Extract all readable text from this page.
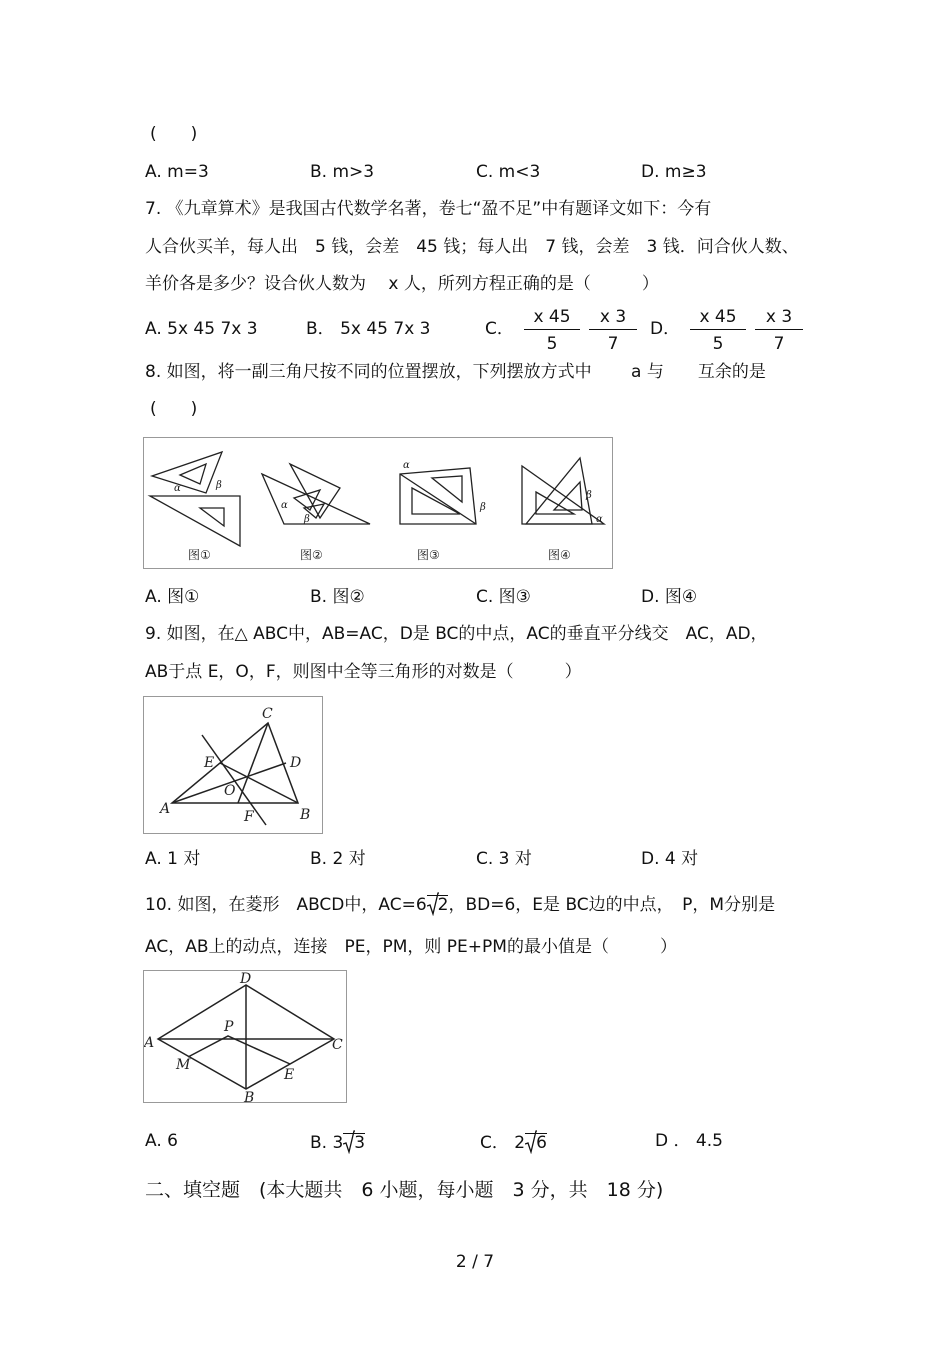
(　　)
A. m=3	B. m>3	C. m<3	D. m≥3
7. 《九章算术》是我国古代数学名著，卷七“盈不足”中有题译文如下：今有
人合伙买羊，每人出　5 钱，会差　45 钱；每人出　7 钱，会差　3 钱．问合伙人数、
羊价各是多少？设合伙人数为　 x 人，所列方程正确的是（　　　）
A. 5x 45 7x 3	B． 5x 45 7x 3	C． $\frac{x 45}{5} \frac{x 3}{7}$ D． $\frac{x 45}{5} \frac{x 3}{7}$
8. 如图，将一副三角尺按不同的位置摆放，下列摆放方式中　　 a 与　　互余的是
(　　)
α	β
α
β
α
β
α
β
图①	图②	图③	图④
A. 图①	B. 图②	C. 图③	D. 图④
9. 如图，在△ ABC中，AB=AC，D是 BC的中点，AC的垂直平分线交　AC，AD，
AB于点 E，O，F，则图中全等三角形的对数是（　　　）
A	B
C
D
E
F
O
A. 1 对	B. 2 对	C. 3 对	D. 4 对
10. 如图，在菱形　ABCD中，AC=6 2，BD=6，E是 BC边的中点，　P，M分别是
AC，AB上的动点，连接　PE，PM，则 PE+PM的最小值是（　　　）
A
B
C
D
P
M
E
A. 6	B. 3 3	C． 2 6	D ． 4.5
二、填空题　(本大题共　6 小题，每小题　3 分，共　18 分)
2 / 7
